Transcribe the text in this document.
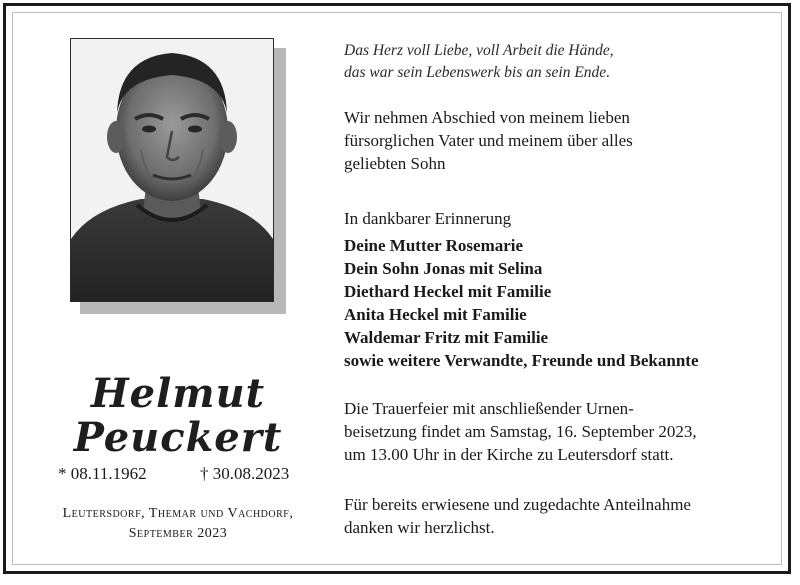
Helmut
Peuckert
* 08.11.1962	† 30.08.2023
Leutersdorf, Themar und Vachdorf,
September 2023
Das Herz voll Liebe, voll Arbeit die Hände,
das war sein Lebenswerk bis an sein Ende.
Wir nehmen Abschied von meinem lieben
fürsorglichen Vater und meinem über alles
geliebten Sohn
In dankbarer Erinnerung
Deine Mutter Rosemarie
Dein Sohn Jonas mit Selina
Diethard Heckel mit Familie
Anita Heckel mit Familie
Waldemar Fritz mit Familie
sowie weitere Verwandte, Freunde und Bekannte
Die Trauerfeier mit anschließender Urnen-
beisetzung findet am Samstag, 16. September 2023,
um 13.00 Uhr in der Kirche zu Leutersdorf statt.
Für bereits erwiesene und zugedachte Anteilnahme
danken wir herzlichst.
